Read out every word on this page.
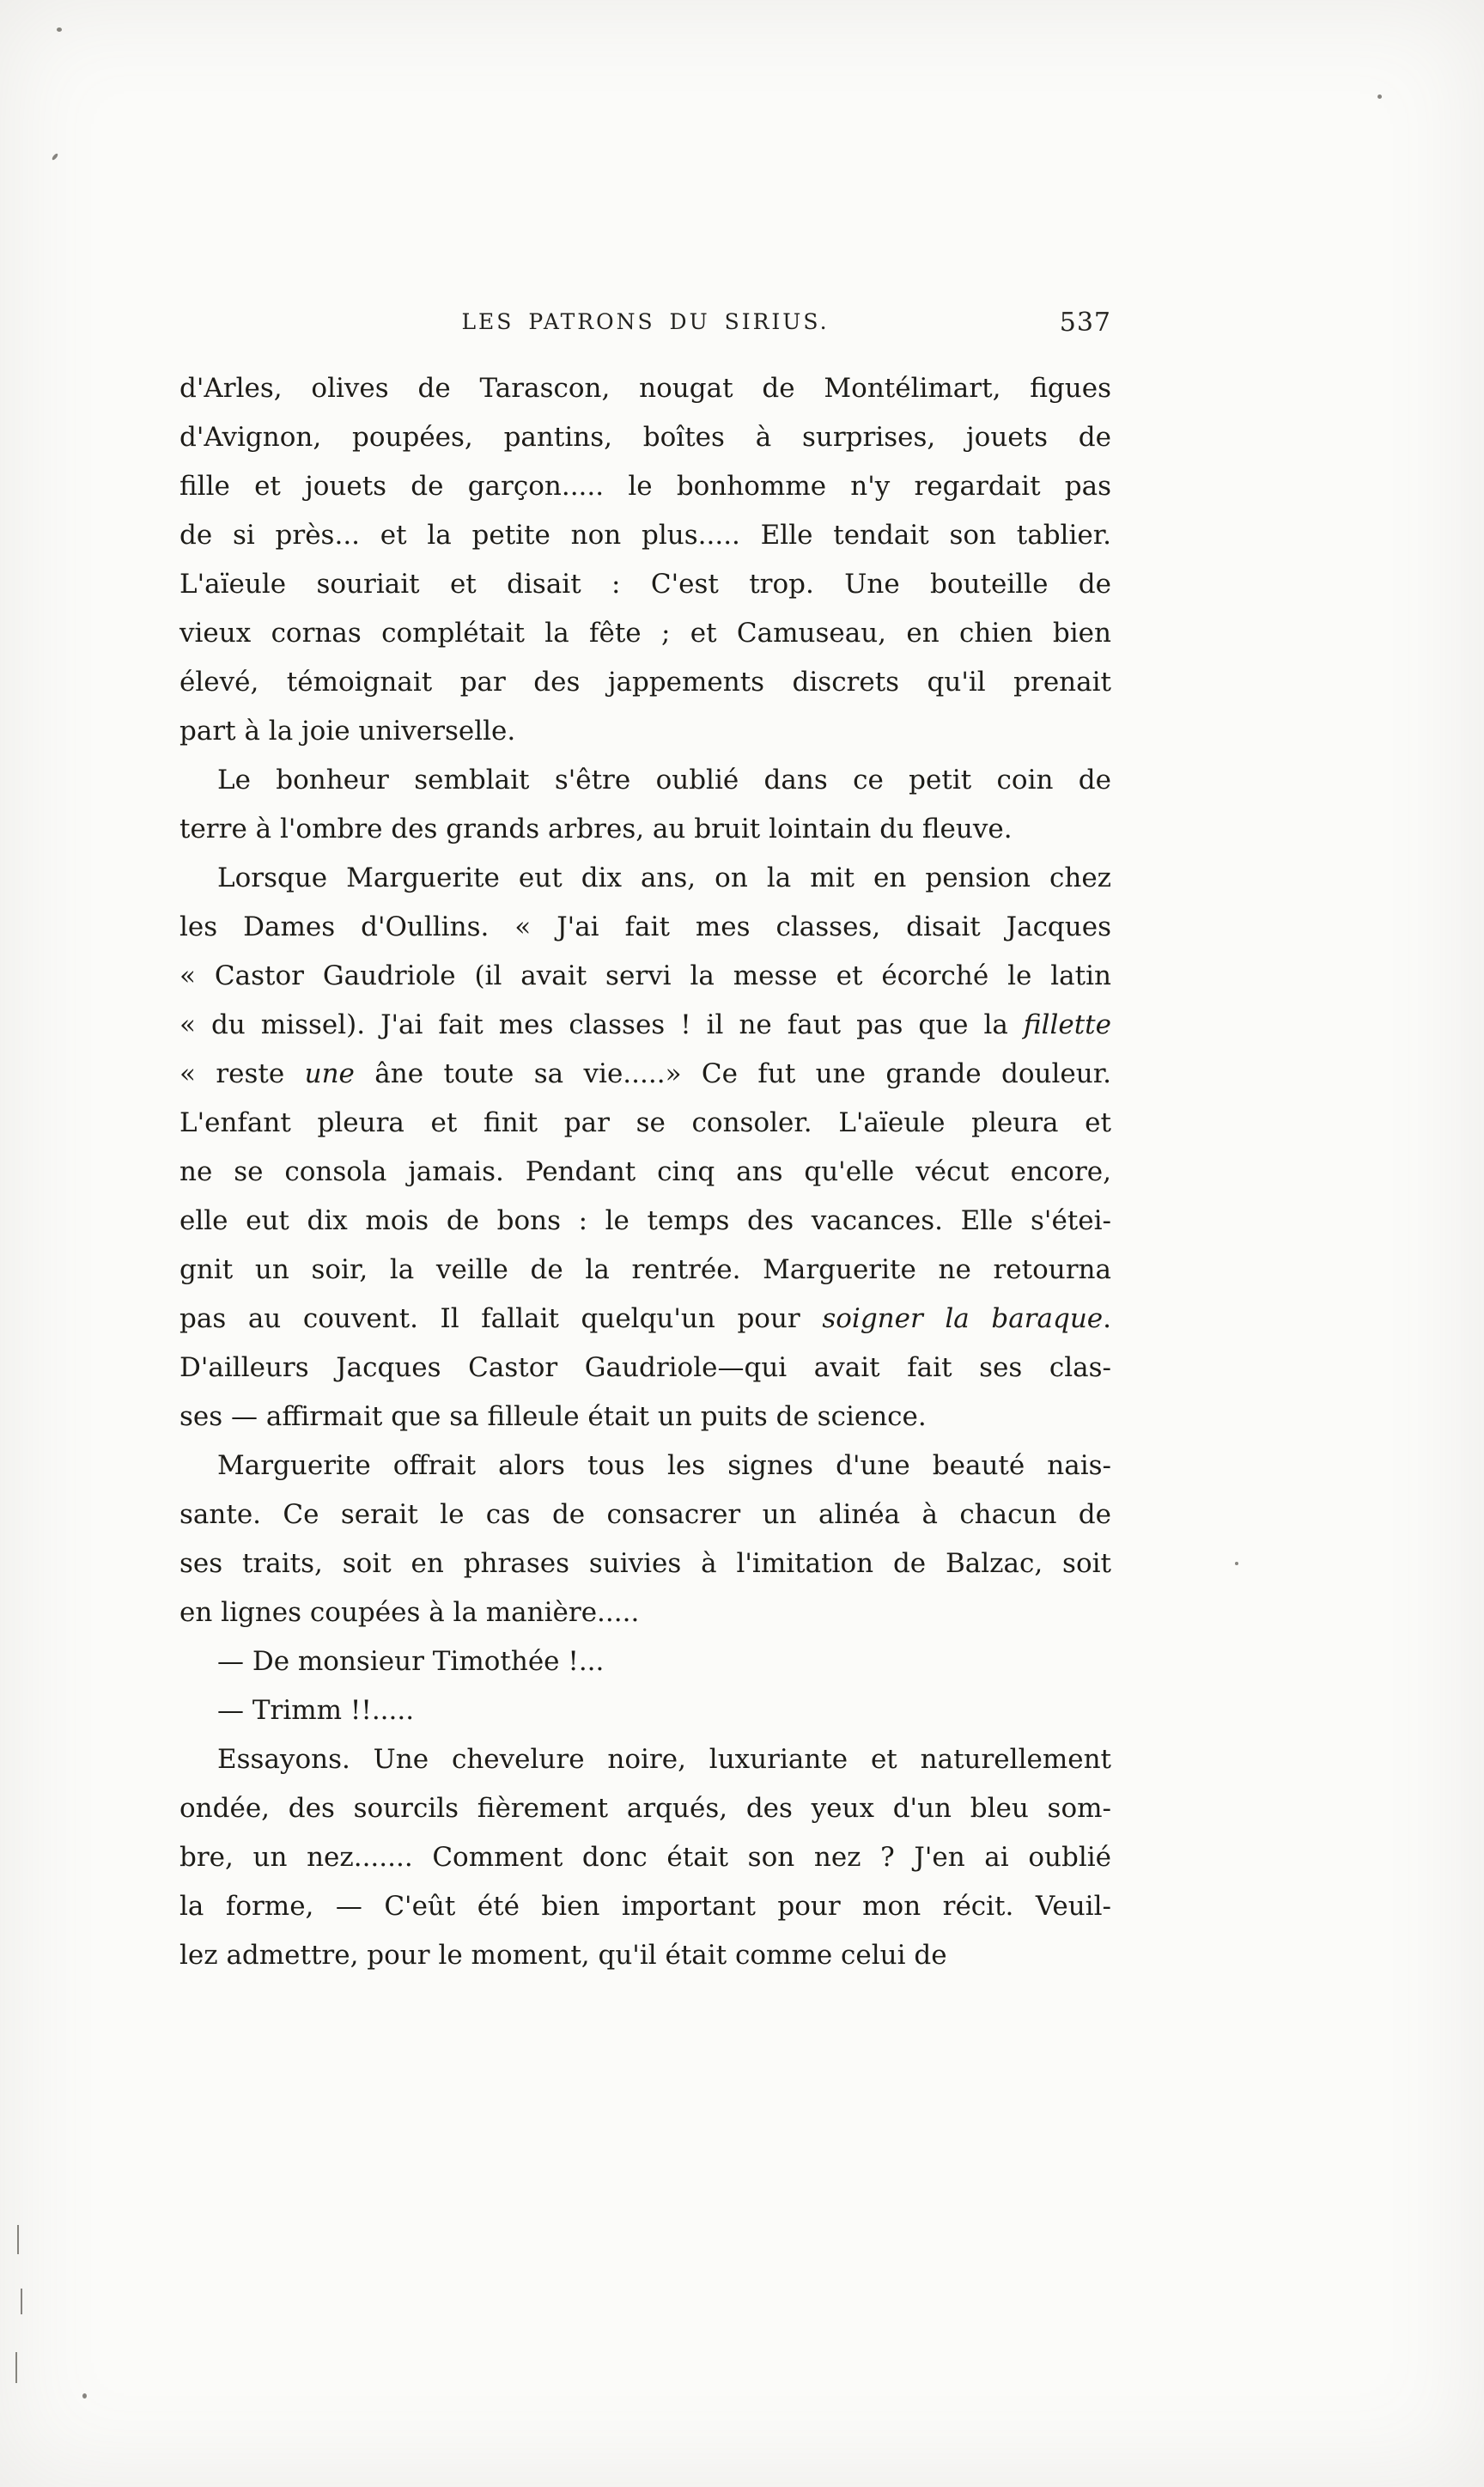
LES PATRONS DU SIRIUS.	537
d'Arles, olives de Tarascon, nougat de Montélimart, figues
d'Avignon, poupées, pantins, boîtes à surprises, jouets de
fille et jouets de garçon..... le bonhomme n'y regardait pas
de si près... et la petite non plus..... Elle tendait son tablier.
L'aïeule souriait et disait : C'est trop. Une bouteille de
vieux cornas complétait la fête ; et Camuseau, en chien bien
élevé, témoignait par des jappements discrets qu'il prenait
part à la joie universelle.
Le bonheur semblait s'être oublié dans ce petit coin de
terre à l'ombre des grands arbres, au bruit lointain du fleuve.
Lorsque Marguerite eut dix ans, on la mit en pension chez
les Dames d'Oullins. « J'ai fait mes classes, disait Jacques
« Castor Gaudriole (il avait servi la messe et écorché le latin
« du missel). J'ai fait mes classes ! il ne faut pas que la fillette
« reste une âne toute sa vie.....» Ce fut une grande douleur.
L'enfant pleura et finit par se consoler. L'aïeule pleura et
ne se consola jamais. Pendant cinq ans qu'elle vécut encore,
elle eut dix mois de bons : le temps des vacances. Elle s'étei-
gnit un soir, la veille de la rentrée. Marguerite ne retourna
pas au couvent. Il fallait quelqu'un pour soigner la baraque.
D'ailleurs Jacques Castor Gaudriole—qui avait fait ses clas-
ses — affirmait que sa filleule était un puits de science.
Marguerite offrait alors tous les signes d'une beauté nais-
sante. Ce serait le cas de consacrer un alinéa à chacun de
ses traits, soit en phrases suivies à l'imitation de Balzac, soit
en lignes coupées à la manière.....
— De monsieur Timothée !...
— Trimm !!.....
Essayons. Une chevelure noire, luxuriante et naturellement
ondée, des sourcils fièrement arqués, des yeux d'un bleu som-
bre, un nez....... Comment donc était son nez ? J'en ai oublié
la forme, — C'eût été bien important pour mon récit. Veuil-
lez admettre, pour le moment, qu'il était comme celui de
